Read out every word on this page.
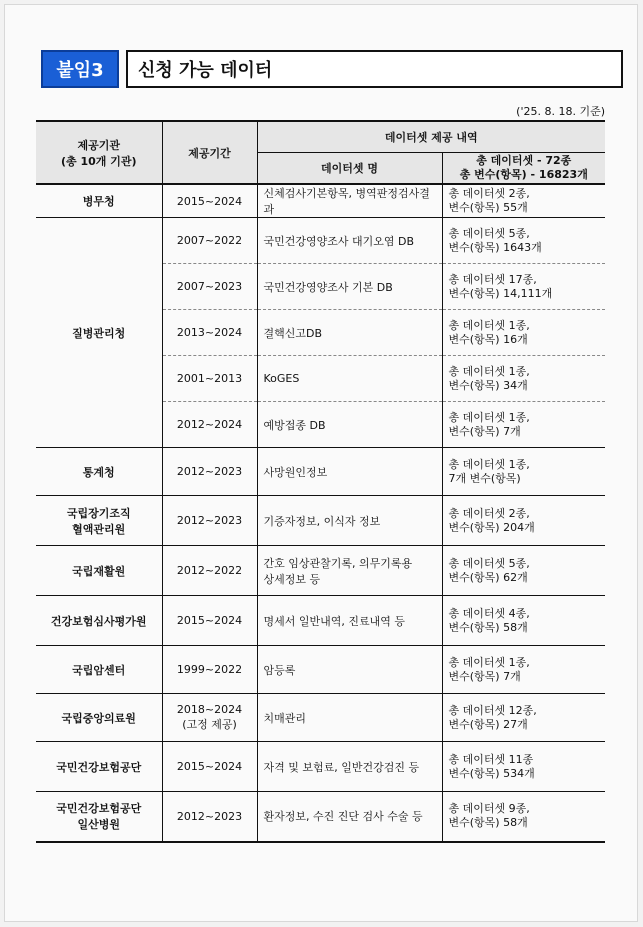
붙임3	신청 가능 데이터
('25. 8. 18. 기준)
제공기관
(총 10개 기관)	제공기간	데이터셋 제공 내역	
		데이터셋 명	총 데이터셋 - 72종
총 변수(항목) - 16823개
병무청	2015~2024	신체검사기본항목, 병역판정검사결과	총 데이터셋 2종,
변수(항목) 55개
질병관리청	2007~2022	국민건강영양조사 대기오염 DB	총 데이터셋 5종,
변수(항목) 1643개
	2007~2023	국민건강영양조사 기본 DB	총 데이터셋 17종,
변수(항목) 14,111개
	2013~2024	결핵신고DB	총 데이터셋 1종,
변수(항목) 16개
	2001~2013	KoGES	총 데이터셋 1종,
변수(항목) 34개
	2012~2024	예방접종 DB	총 데이터셋 1종,
변수(항목) 7개
통계청	2012~2023	사망원인정보	총 데이터셋 1종,
7개 변수(항목)
국립장기조직
혈액관리원	2012~2023	기증자정보, 이식자 정보	총 데이터셋 2종,
변수(항목) 204개
국립재활원	2012~2022	간호 임상관찰기록, 의무기록용
상세정보 등	총 데이터셋 5종,
변수(항목) 62개
건강보험심사평가원	2015~2024	명세서 일반내역, 진료내역 등	총 데이터셋 4종,
변수(항목) 58개
국립암센터	1999~2022	암등록	총 데이터셋 1종,
변수(항목) 7개
국립중앙의료원	2018~2024
(고정 제공)	치매관리	총 데이터셋 12종,
변수(항목) 27개
국민건강보험공단	2015~2024	자격 및 보험료, 일반건강검진 등	총 데이터셋 11종
변수(항목) 534개
국민건강보험공단
일산병원	2012~2023	환자정보, 수진 진단 검사 수술 등	총 데이터셋 9종,
변수(항목) 58개
